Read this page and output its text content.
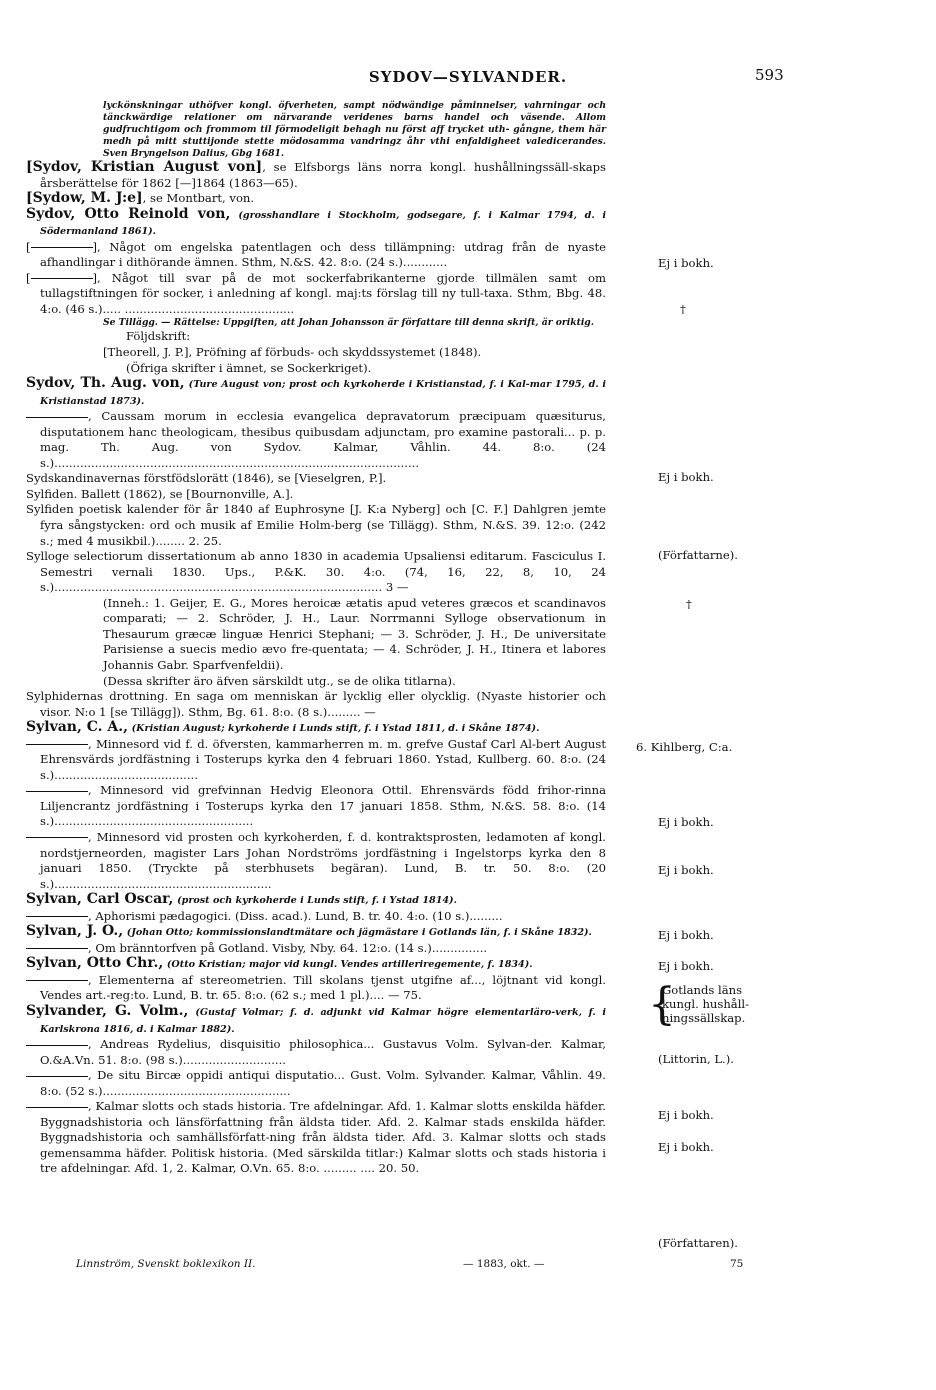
SYDOV—SYLVANDER.	593

lyckönskningar uthöfver kongl. öfverheten, sampt nödwändige påminnelser, vahrningar och tänckwärdige relationer om närvarande veridenes barns handel och väsende. Allom gudfruchtigom och frommom til förmodeligit behagh nu först aff trycket uth- gångne, them här medh på mitt stuttijonde stette mödosamma vandringz åhr vthi enfaldigheet valedicerandes. Sven Bryngelson Dalius, Gbg 1681.

[Sydov, Kristian August von], se Elfsborgs läns norra kongl. hushållningssäll-skaps årsberättelse för 1862 [—]1864 (1863—65).

[Sydow, M. J:e], se Montbart, von.

Sydov, Otto Reinold von, (grosshandlare i Stockholm, godsegare, f. i Kalmar 1794, d. i Södermanland 1861).

[	], Något om engelska patentlagen och dess tillämpning: utdrag från de nyaste afhandlingar i dithörande ämnen. Sthm, N.&S. 42. 8:o. (24 s.)............

[	], Något till svar på de mot sockerfabrikanterne gjorde tillmälen samt om tullagstiftningen för socker, i anledning af kongl. maj:ts förslag till ny tull-taxa. Sthm, Bbg. 48. 4:o. (46 s.)..... ..............................................

Se Tillägg. — Rättelse: Uppgiften, att Johan Johansson är författare till denna skrift, är oriktig.

Följdskrift:

[Theorell, J. P.], Pröfning af förbuds- och skyddssystemet (1848).

(Öfriga skrifter i ämnet, se Sockerkriget).

Sydov, Th. Aug. von, (Ture August von; prost och kyrkoherde i Kristianstad, f. i Kal-mar 1795, d. i Kristianstad 1873).

, Caussam morum in ecclesia evangelica depravatorum præcipuam quæsiturus, disputationem hanc theologicam, thesibus quibusdam adjunctam, pro examine pastorali... p. p. mag. Th. Aug. von Sydov. Kalmar, Våhlin. 44. 8:o. (24 s.)...................................................................................................

Sydskandinavernas förstfödslorätt (1846), se [Vieselgren, P.].

Sylfiden. Ballett (1862), se [Bournonville, A.].

Sylfiden poetisk kalender för år 1840 af Euphrosyne [J. K:a Nyberg] och [C. F.] Dahlgren jemte fyra sångstycken: ord och musik af Emilie Holm-berg (se Tillägg). Sthm, N.&S. 39. 12:o. (242 s.; med 4 musikbil.)........ 2. 25.

Sylloge selectiorum dissertationum ab anno 1830 in academia Upsaliensi editarum. Fasciculus I. Semestri vernali 1830. Ups., P.&K. 30. 4:o. (74, 16, 22, 8, 10, 24 s.)......................................................................................... 3 —

(Inneh.: 1. Geijer, E. G., Mores heroicæ ætatis apud veteres græcos et scandinavos comparati; — 2. Schröder, J. H., Laur. Norrmanni Sylloge observationum in Thesaurum græcæ linguæ Henrici Stephani; — 3. Schröder, J. H., De universitate Parisiense a suecis medio ævo fre-quentata; — 4. Schröder, J. H., Itinera et labores Johannis Gabr. Sparfvenfeldii).

(Dessa skrifter äro äfven särskildt utg., se de olika titlarna).

Sylphidernas drottning. En saga om menniskan är lycklig eller olycklig. (Nyaste historier och visor. N:o 1 [se Tillägg]). Sthm, Bg. 61. 8:o. (8 s.)......... —

Sylvan, C. A., (Kristian August; kyrkoherde i Lunds stift, f. i Ystad 1811, d. i Skåne 1874).

, Minnesord vid f. d. öfversten, kammarherren m. m. grefve Gustaf Carl Al-bert August Ehrensvärds jordfästning i Tosterups kyrka den 4 februari 1860. Ystad, Kullberg. 60. 8:o. (24 s.).......................................

, Minnesord vid grefvinnan Hedvig Eleonora Ottil. Ehrensvärds född frihor-rinna Liljencrantz jordfästning i Tosterups kyrka den 17 januari 1858. Sthm, N.&S. 58. 8:o. (14 s.)......................................................

, Minnesord vid prosten och kyrkoherden, f. d. kontraktsprosten, ledamoten af kongl. nordstjerneorden, magister Lars Johan Nordströms jordfästning i Ingelstorps kyrka den 8 januari 1850. (Tryckte på sterbhusets begäran). Lund, B. tr. 50. 8:o. (20 s.)...........................................................

Sylvan, Carl Oscar, (prost och kyrkoherde i Lunds stift, f. i Ystad 1814).

, Aphorismi pædagogici. (Diss. acad.). Lund, B. tr. 40. 4:o. (10 s.).........

Sylvan, J. O., (Johan Otto; kommissionslandtmätare och jägmästare i Gotlands län, f. i Skåne 1832).

, Om bränntorfven på Gotland. Visby, Nby. 64. 12:o. (14 s.)...............

Sylvan, Otto Chr., (Otto Kristian; major vid kungl. Vendes artilleriregemente, f. 1834).

, Elementerna af stereometrien. Till skolans tjenst utgifne af..., löjtnant vid kongl. Vendes art.-reg:to. Lund, B. tr. 65. 8:o. (62 s.; med 1 pl.).... — 75.

Sylvander, G. Volm., (Gustaf Volmar; f. d. adjunkt vid Kalmar högre elementarläro-verk, f. i Karlskrona 1816, d. i Kalmar 1882).

, Andreas Rydelius, disquisitio philosophica... Gustavus Volm. Sylvan-der. Kalmar, O.&A.Vn. 51. 8:o. (98 s.)............................

, De situ Bircæ oppidi antiqui disputatio... Gust. Volm. Sylvander. Kalmar, Våhlin. 49. 8:o. (52 s.)...................................................

, Kalmar slotts och stads historia. Tre afdelningar. Afd. 1. Kalmar slotts enskilda häfder. Byggnadshistoria och länsförfattning från äldsta tider. Afd. 2. Kalmar stads enskilda häfder. Byggnadshistoria och samhällsförfatt-ning från äldsta tider. Afd. 3. Kalmar slotts och stads gemensamma häfder. Politisk historia. (Med särskilda titlar:) Kalmar slotts och stads historia i tre afdelningar. Afd. 1, 2. Kalmar, O.Vn. 65. 8:o. ......... .... 20. 50.

Ej i bokh.
†
Ej i bokh.
(Författarne).
†
6. Kihlberg, C:a.
Ej i bokh.
Ej i bokh.
Ej i bokh.
Ej i bokh.
{
Gotlands läns
kungl. hushåll-
ningssällskap.
(Littorin, L.).
Ej i bokh.
Ej i bokh.
(Författaren).
Linnström, Svenskt boklexikon II.	— 1883, okt. —	75
